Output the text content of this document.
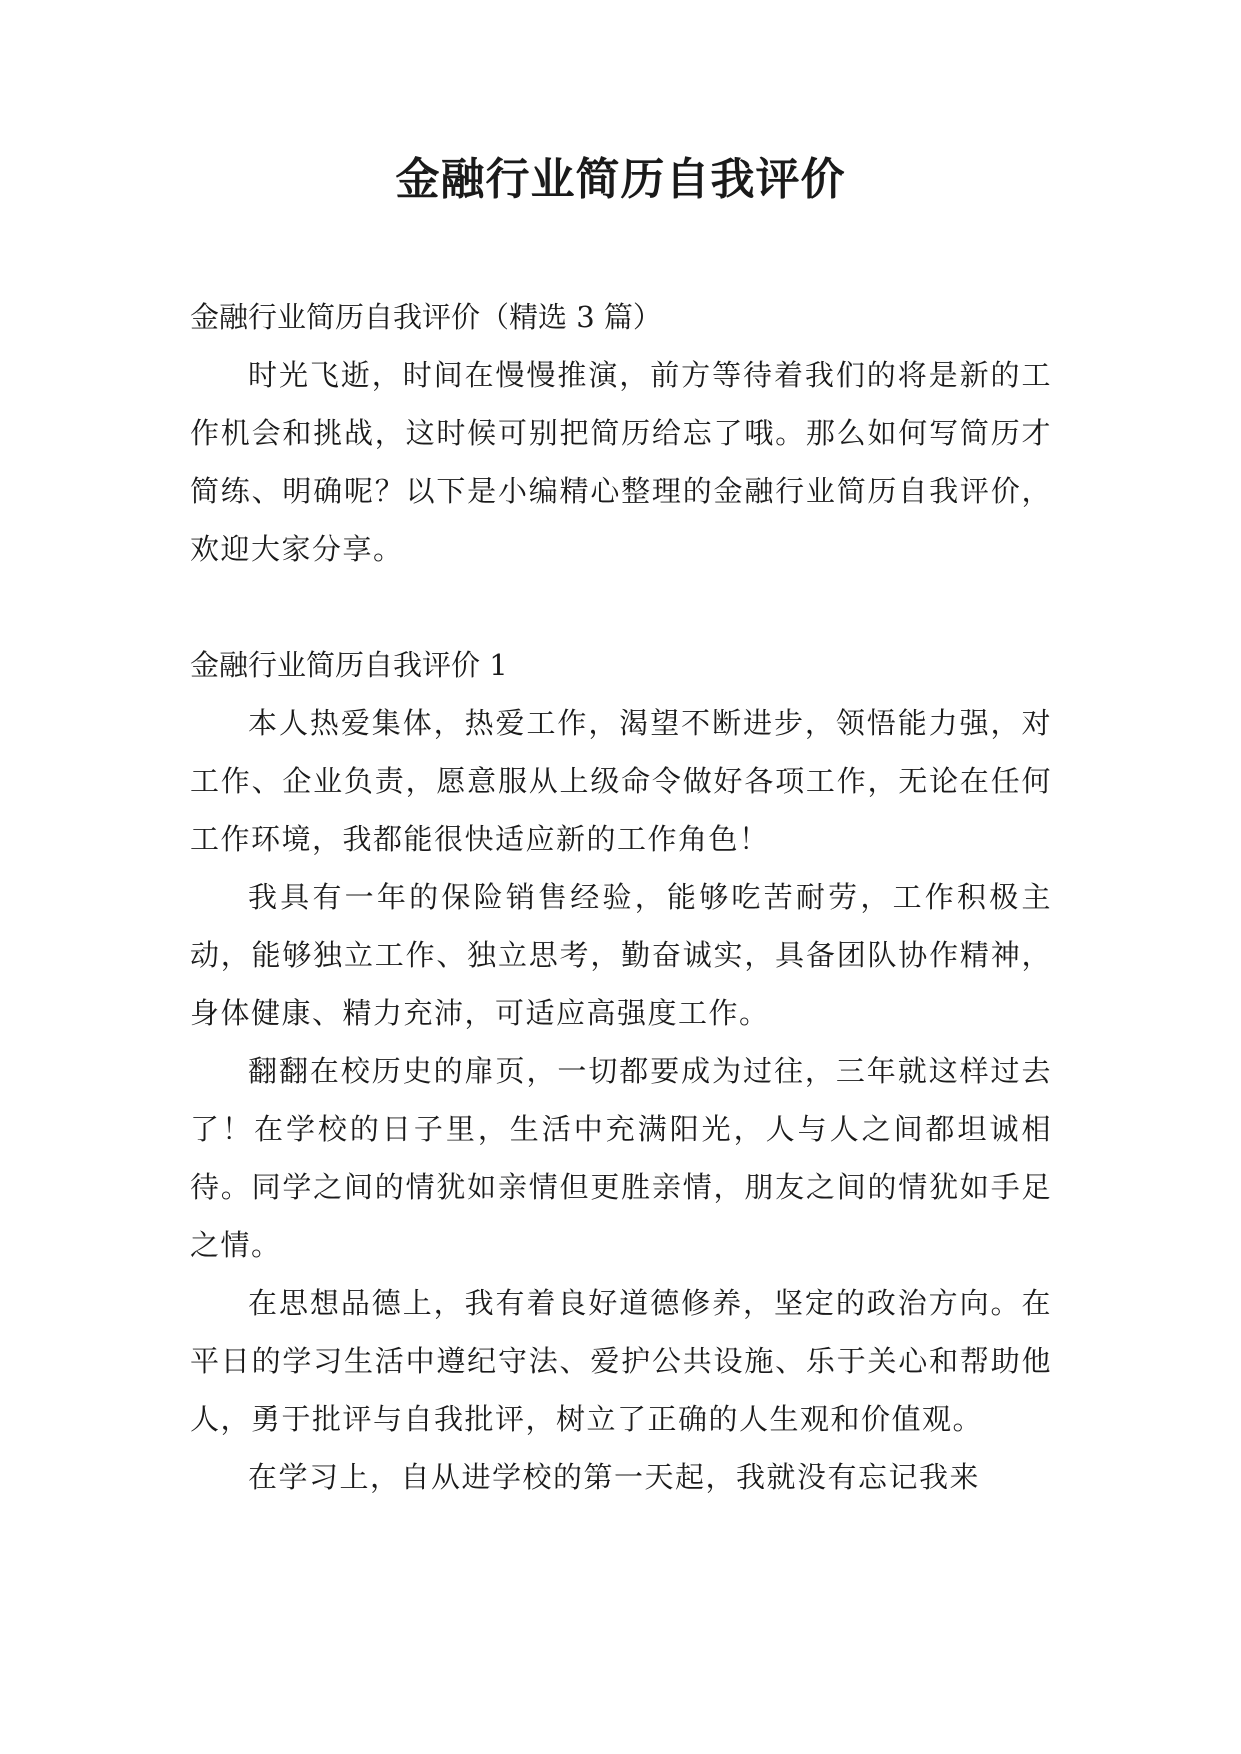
金融行业简历自我评价

金融行业简历自我评价（精选 3 篇）

时光飞逝，时间在慢慢推演，前方等待着我们的将是新的工作机会和挑战，这时候可别把简历给忘了哦。那么如何写简历才简练、明确呢？以下是小编精心整理的金融行业简历自我评价，欢迎大家分享。

金融行业简历自我评价 1

本人热爱集体，热爱工作，渴望不断进步，领悟能力强，对工作、企业负责，愿意服从上级命令做好各项工作，无论在任何工作环境，我都能很快适应新的工作角色！

我具有一年的保险销售经验，能够吃苦耐劳，工作积极主动，能够独立工作、独立思考，勤奋诚实，具备团队协作精神，身体健康、精力充沛，可适应高强度工作。

翻翻在校历史的扉页，一切都要成为过往，三年就这样过去了！在学校的日子里，生活中充满阳光，人与人之间都坦诚相待。同学之间的情犹如亲情但更胜亲情，朋友之间的情犹如手足之情。

在思想品德上，我有着良好道德修养，坚定的政治方向。在平日的学习生活中遵纪守法、爱护公共设施、乐于关心和帮助他人，勇于批评与自我批评，树立了正确的人生观和价值观。

在学习上，自从进学校的第一天起，我就没有忘记我来
